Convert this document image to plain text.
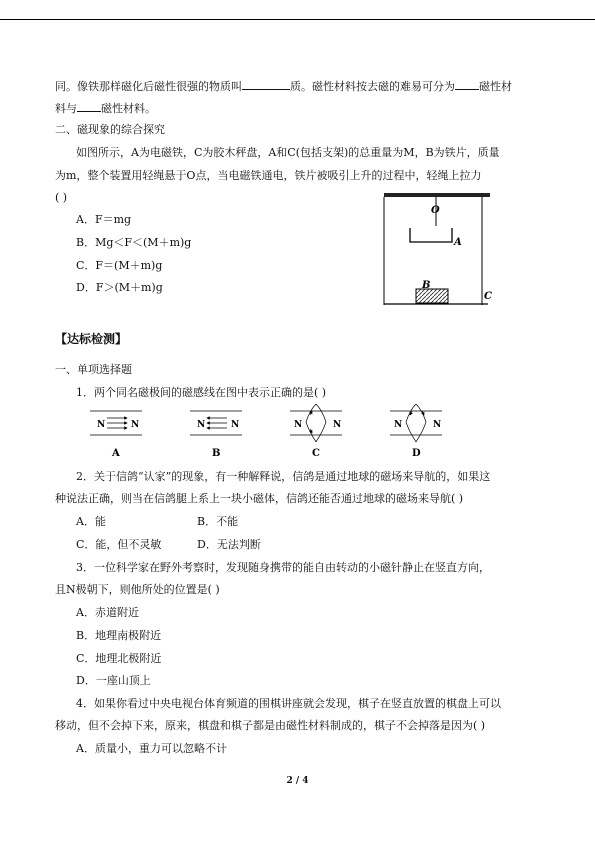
同。像铁那样磁化后磁性很强的物质叫	质。磁性材料按去磁的难易可分为 磁性材
料与 磁性材料。
二、磁现象的综合探究
如图所示，A为电磁铁，C为胶木秤盘，A和C(包括支架)的总重量为M，B为铁片，质量
为m，整个装置用轻绳悬于O点，当电磁铁通电，铁片被吸引上升的过程中，轻绳上拉力
( )
A．F＝mg
B．Mg＜F＜(M＋m)g
C．F＝(M＋m)g
D．F＞(M＋m)g
O
A
B
C
【达标检测】
一、单项选择题
1．两个同名磁极间的磁感线在图中表示正确的是( )
N	N
A
N	N
B
N	N
C
N	N
D
2．关于信鸽“认家”的现象，有一种解释说，信鸽是通过地球的磁场来导航的，如果这
种说法正确，则当在信鸽腿上系上一块小磁体，信鸽还能否通过地球的磁场来导航( )
A．能	B．不能
C．能，但不灵敏	D．无法判断
3．一位科学家在野外考察时，发现随身携带的能自由转动的小磁针静止在竖直方向，
且N极朝下，则他所处的位置是( )
A．赤道附近
B．地理南极附近
C．地理北极附近
D．一座山顶上
4．如果你看过中央电视台体育频道的围棋讲座就会发现，棋子在竖直放置的棋盘上可以
移动，但不会掉下来，原来，棋盘和棋子都是由磁性材料制成的，棋子不会掉落是因为( )
A．质量小，重力可以忽略不计
2 / 4
